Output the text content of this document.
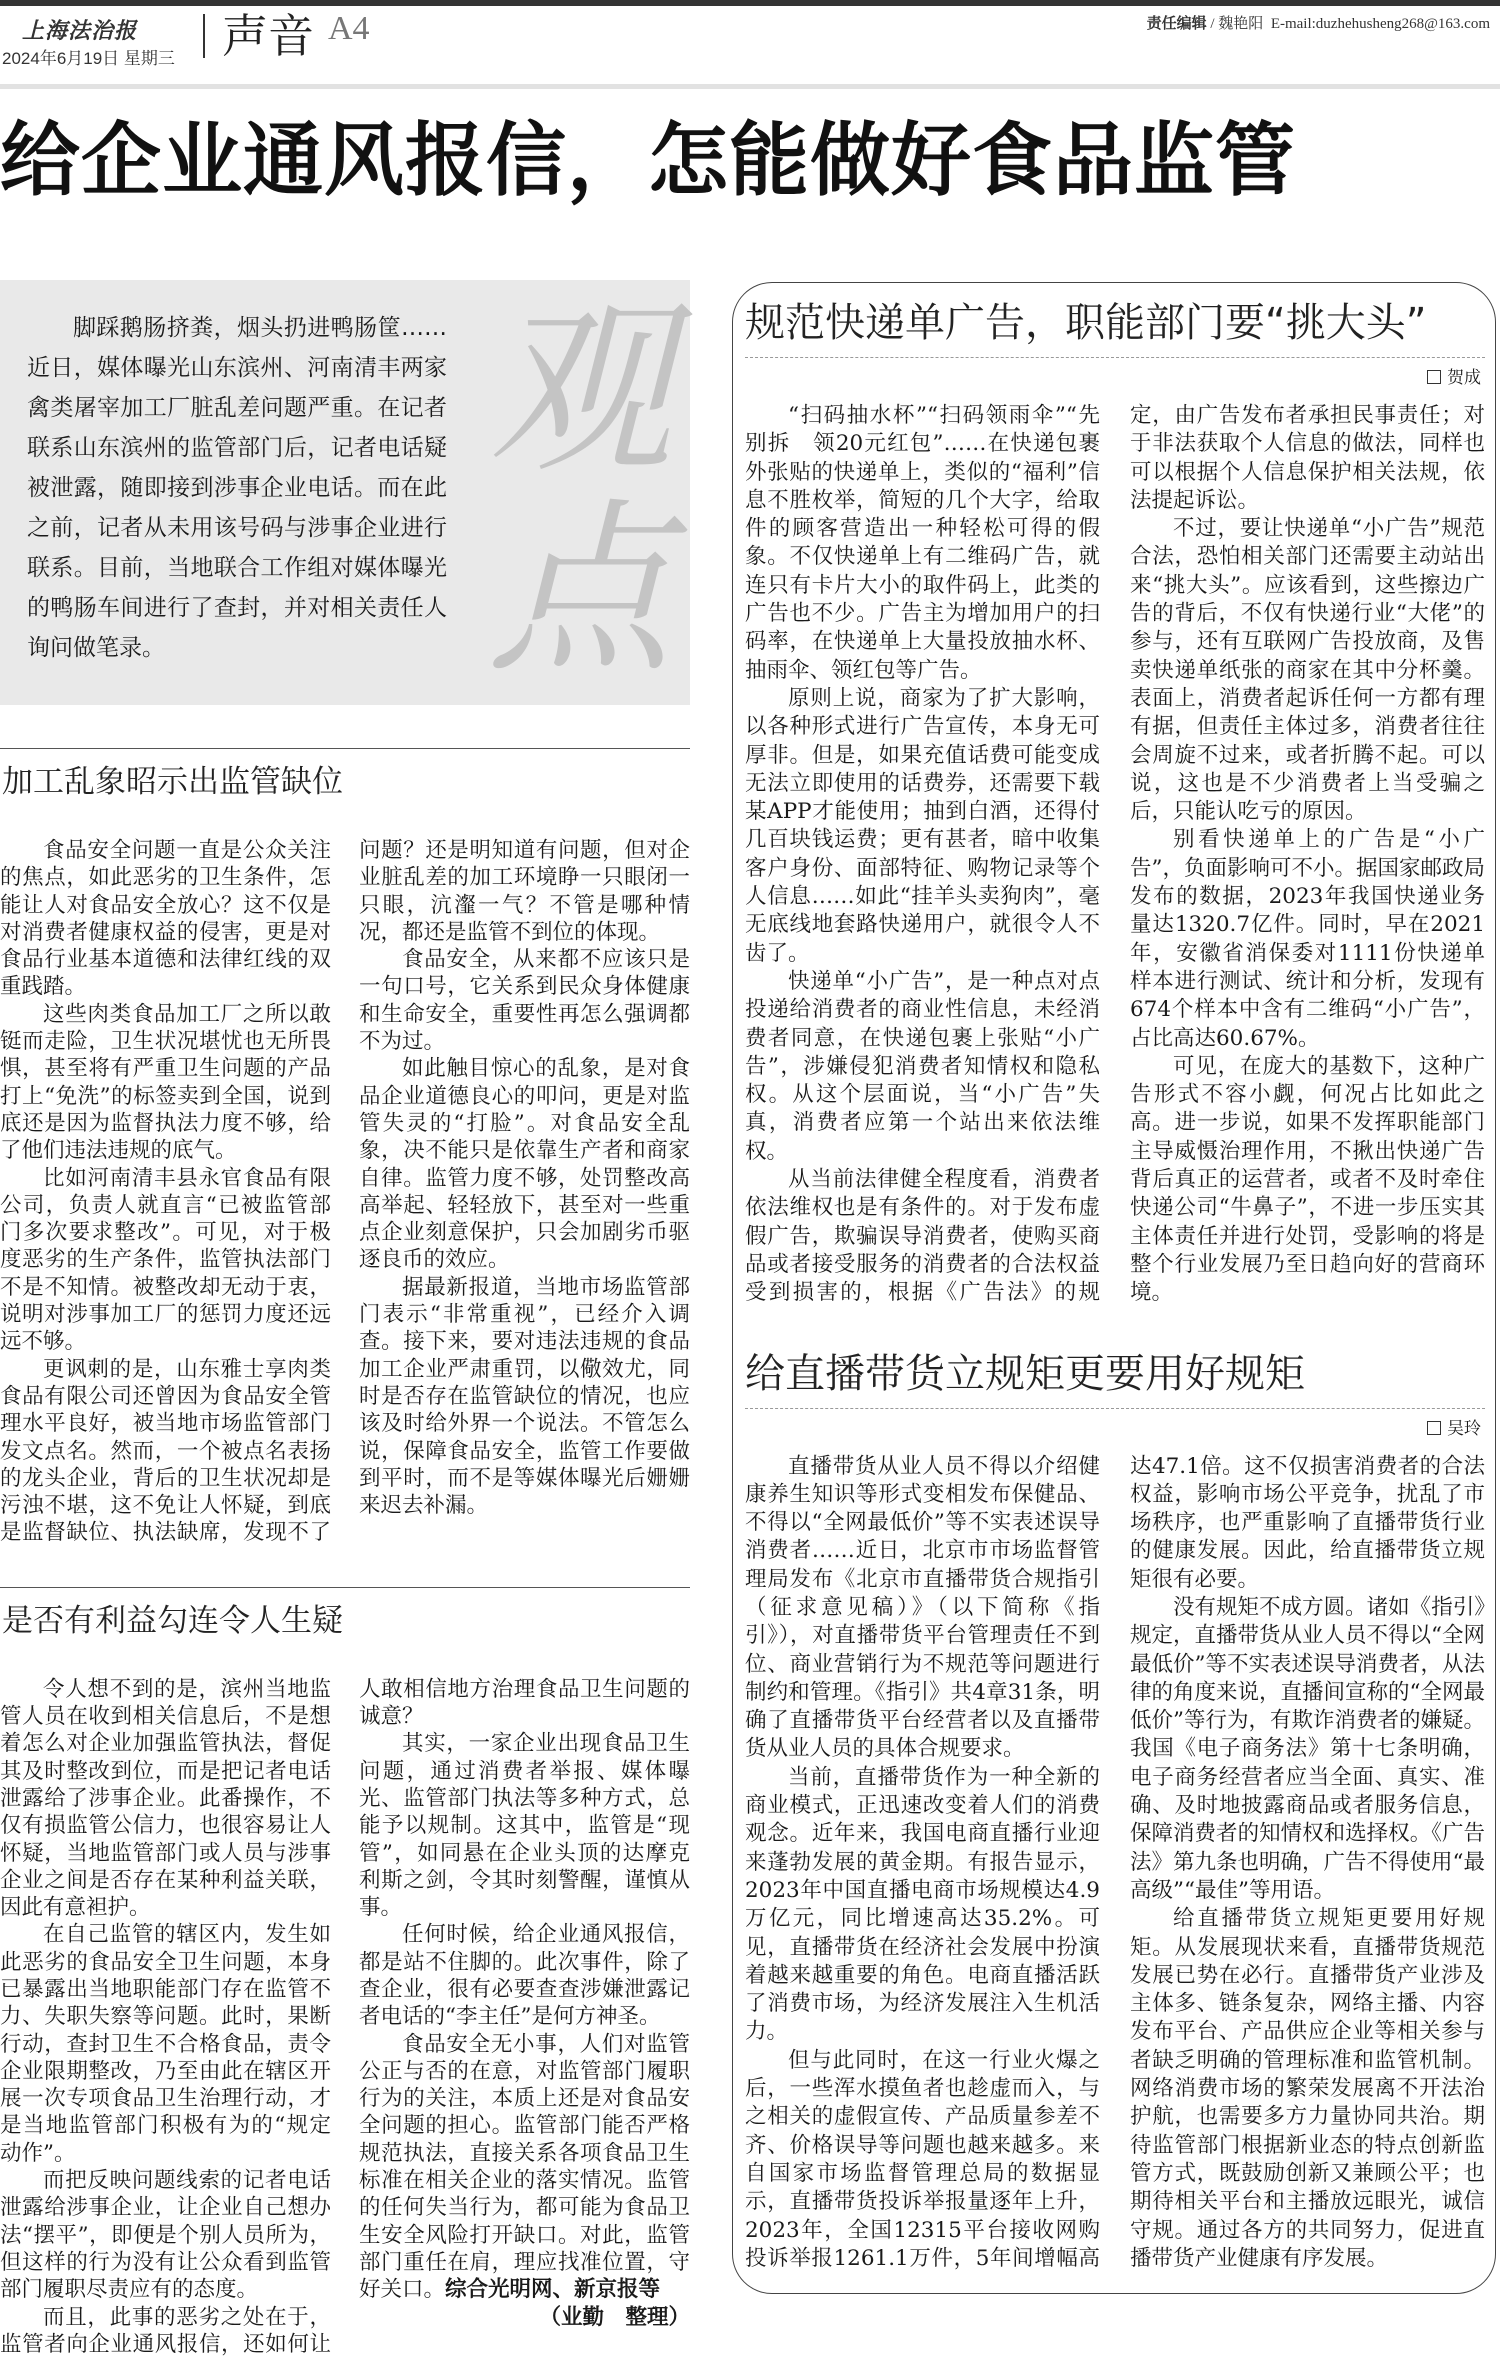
上海法治报
2024年6月19日 星期三 声音 A4	责任编辑 / 魏艳阳 E-mail:duzhehusheng268@163.com
给企业通风报信，怎能做好食品监管
观
点

脚踩鹅肠挤粪，烟头扔进鸭肠筐……近日，媒体曝光山东滨州、河南清丰两家禽类屠宰加工厂脏乱差问题严重。在记者联系山东滨州的监管部门后，记者电话疑被泄露，随即接到涉事企业电话。而在此之前，记者从未用该号码与涉事企业进行联系。目前，当地联合工作组对媒体曝光的鸭肠车间进行了查封，并对相关责任人询问做笔录。

加工乱象昭示出监管缺位

食品安全问题一直是公众关注的焦点，如此恶劣的卫生条件，怎能让人对食品安全放心？这不仅是对消费者健康权益的侵害，更是对食品行业基本道德和法律红线的双重践踏。

这些肉类食品加工厂之所以敢铤而走险，卫生状况堪忧也无所畏惧，甚至将有严重卫生问题的产品打上“免洗”的标签卖到全国，说到底还是因为监督执法力度不够，给了他们违法违规的底气。

比如河南清丰县永官食品有限公司，负责人就直言“已被监管部门多次要求整改”。可见，对于极度恶劣的生产条件，监管执法部门不是不知情。被整改却无动于衷，说明对涉事加工厂的惩罚力度还远远不够。

更讽刺的是，山东雅士享肉类食品有限公司还曾因为食品安全管理水平良好，被当地市场监管部门发文点名。然而，一个被点名表扬的龙头企业，背后的卫生状况却是污浊不堪，这不免让人怀疑，到底是监督缺位、执法缺席，发现不了问题？还是明知道有问题，但对企业脏乱差的加工环境睁一只眼闭一只眼，沆瀣一气？不管是哪种情况，都还是监管不到位的体现。

食品安全，从来都不应该只是一句口号，它关系到民众身体健康和生命安全，重要性再怎么强调都不为过。

如此触目惊心的乱象，是对食品企业道德良心的叩问，更是对监管失灵的“打脸”。对食品安全乱象，决不能只是依靠生产者和商家自律。监管力度不够，处罚整改高高举起、轻轻放下，甚至对一些重点企业刻意保护，只会加剧劣币驱逐良币的效应。

据最新报道，当地市场监管部门表示“非常重视”，已经介入调查。接下来，要对违法违规的食品加工企业严肃重罚，以儆效尤，同时是否存在监管缺位的情况，也应该及时给外界一个说法。不管怎么说，保障食品安全，监管工作要做到平时，而不是等媒体曝光后姗姗来迟去补漏。

是否有利益勾连令人生疑

令人想不到的是，滨州当地监管人员在收到相关信息后，不是想着怎么对企业加强监管执法，督促其及时整改到位，而是把记者电话泄露给了涉事企业。此番操作，不仅有损监管公信力，也很容易让人怀疑，当地监管部门或人员与涉事企业之间是否存在某种利益关联，因此有意袒护。

在自己监管的辖区内，发生如此恶劣的食品安全卫生问题，本身已暴露出当地职能部门存在监管不力、失职失察等问题。此时，果断行动，查封卫生不合格食品，责令企业限期整改，乃至由此在辖区开展一次专项食品卫生治理行动，才是当地监管部门积极有为的“规定动作”。

而把反映问题线索的记者电话泄露给涉事企业，让企业自己想办法“摆平”，即便是个别人员所为，但这样的行为没有让公众看到监管部门履职尽责应有的态度。

而且，此事的恶劣之处在于，监管者向企业通风报信，还如何让人敢相信地方治理食品卫生问题的诚意？

其实，一家企业出现食品卫生问题，通过消费者举报、媒体曝光、监管部门执法等多种方式，总能予以规制。这其中，监管是“现管”，如同悬在企业头顶的达摩克利斯之剑，令其时刻警醒，谨慎从事。

任何时候，给企业通风报信，都是站不住脚的。此次事件，除了查企业，很有必要查查涉嫌泄露记者电话的“李主任”是何方神圣。

食品安全无小事，人们对监管公正与否的在意，对监管部门履职行为的关注，本质上还是对食品安全问题的担心。监管部门能否严格规范执法，直接关系各项食品卫生标准在相关企业的落实情况。监管的任何失当行为，都可能为食品卫生安全风险打开缺口。对此，监管部门重任在肩，理应找准位置，守好关口。综合光明网、新京报等
（业勤　整理）

规范快递单广告，职能部门要“挑大头”
贺成

“扫码抽水杯”“扫码领雨伞”“先别拆　领20元红包”……在快递包裹外张贴的快递单上，类似的“福利”信息不胜枚举，简短的几个大字，给取件的顾客营造出一种轻松可得的假象。不仅快递单上有二维码广告，就连只有卡片大小的取件码上，此类的广告也不少。广告主为增加用户的扫码率，在快递单上大量投放抽水杯、抽雨伞、领红包等广告。

原则上说，商家为了扩大影响，以各种形式进行广告宣传，本身无可厚非。但是，如果充值话费可能变成无法立即使用的话费券，还需要下载某APP才能使用；抽到白酒，还得付几百块钱运费；更有甚者，暗中收集客户身份、面部特征、购物记录等个人信息……如此“挂羊头卖狗肉”，毫无底线地套路快递用户，就很令人不齿了。

快递单“小广告”，是一种点对点投递给消费者的商业性信息，未经消费者同意，在快递包裹上张贴“小广告”，涉嫌侵犯消费者知情权和隐私权。从这个层面说，当“小广告”失真，消费者应第一个站出来依法维权。

从当前法律健全程度看，消费者依法维权也是有条件的。对于发布虚假广告，欺骗误导消费者，使购买商品或者接受服务的消费者的合法权益受到损害的，根据《广告法》的规定，由广告发布者承担民事责任；对于非法获取个人信息的做法，同样也可以根据个人信息保护相关法规，依法提起诉讼。

不过，要让快递单“小广告”规范合法，恐怕相关部门还需要主动站出来“挑大头”。应该看到，这些擦边广告的背后，不仅有快递行业“大佬”的参与，还有互联网广告投放商，及售卖快递单纸张的商家在其中分杯羹。表面上，消费者起诉任何一方都有理有据，但责任主体过多，消费者往往会周旋不过来，或者折腾不起。可以说，这也是不少消费者上当受骗之后，只能认吃亏的原因。

别看快递单上的广告是“小广告”，负面影响可不小。据国家邮政局发布的数据，2023年我国快递业务量达1320.7亿件。同时，早在2021年，安徽省消保委对1111份快递单样本进行测试、统计和分析，发现有674个样本中含有二维码“小广告”，占比高达60.67%。

可见，在庞大的基数下，这种广告形式不容小觑，何况占比如此之高。进一步说，如果不发挥职能部门主导威慑治理作用，不揪出快递广告背后真正的运营者，或者不及时牵住快递公司“牛鼻子”，不进一步压实其主体责任并进行处罚，受影响的将是整个行业发展乃至日趋向好的营商环境。

给直播带货立规矩更要用好规矩
吴玲

直播带货从业人员不得以介绍健康养生知识等形式变相发布保健品、不得以“全网最低价”等不实表述误导消费者……近日，北京市市场监督管理局发布《北京市直播带货合规指引（征求意见稿）》（以下简称《指引》），对直播带货平台管理责任不到位、商业营销行为不规范等问题进行制约和管理。《指引》共4章31条，明确了直播带货平台经营者以及直播带货从业人员的具体合规要求。

当前，直播带货作为一种全新的商业模式，正迅速改变着人们的消费观念。近年来，我国电商直播行业迎来蓬勃发展的黄金期。有报告显示，2023年中国直播电商市场规模达4.9万亿元，同比增速高达35.2%。可见，直播带货在经济社会发展中扮演着越来越重要的角色。电商直播活跃了消费市场，为经济发展注入生机活力。

但与此同时，在这一行业火爆之后，一些浑水摸鱼者也趁虚而入，与之相关的虚假宣传、产品质量参差不齐、价格误导等问题也越来越多。来自国家市场监督管理总局的数据显示，直播带货投诉举报量逐年上升，2023年，全国12315平台接收网购投诉举报1261.1万件，5年间增幅高达47.1倍。这不仅损害消费者的合法权益，影响市场公平竞争，扰乱了市场秩序，也严重影响了直播带货行业的健康发展。因此，给直播带货立规矩很有必要。

没有规矩不成方圆。诸如《指引》规定，直播带货从业人员不得以“全网最低价”等不实表述误导消费者，从法律的角度来说，直播间宣称的“全网最低价”等行为，有欺诈消费者的嫌疑。我国《电子商务法》第十七条明确，电子商务经营者应当全面、真实、准确、及时地披露商品或者服务信息，保障消费者的知情权和选择权。《广告法》第九条也明确，广告不得使用“最高级”“最佳”等用语。

给直播带货立规矩更要用好规矩。从发展现状来看，直播带货规范发展已势在必行。直播带货产业涉及主体多、链条复杂，网络主播、内容发布平台、产品供应企业等相关参与者缺乏明确的管理标准和监管机制。网络消费市场的繁荣发展离不开法治护航，也需要多方力量协同共治。期待监管部门根据新业态的特点创新监管方式，既鼓励创新又兼顾公平；也期待相关平台和主播放远眼光，诚信守规。通过各方的共同努力，促进直播带货产业健康有序发展。
